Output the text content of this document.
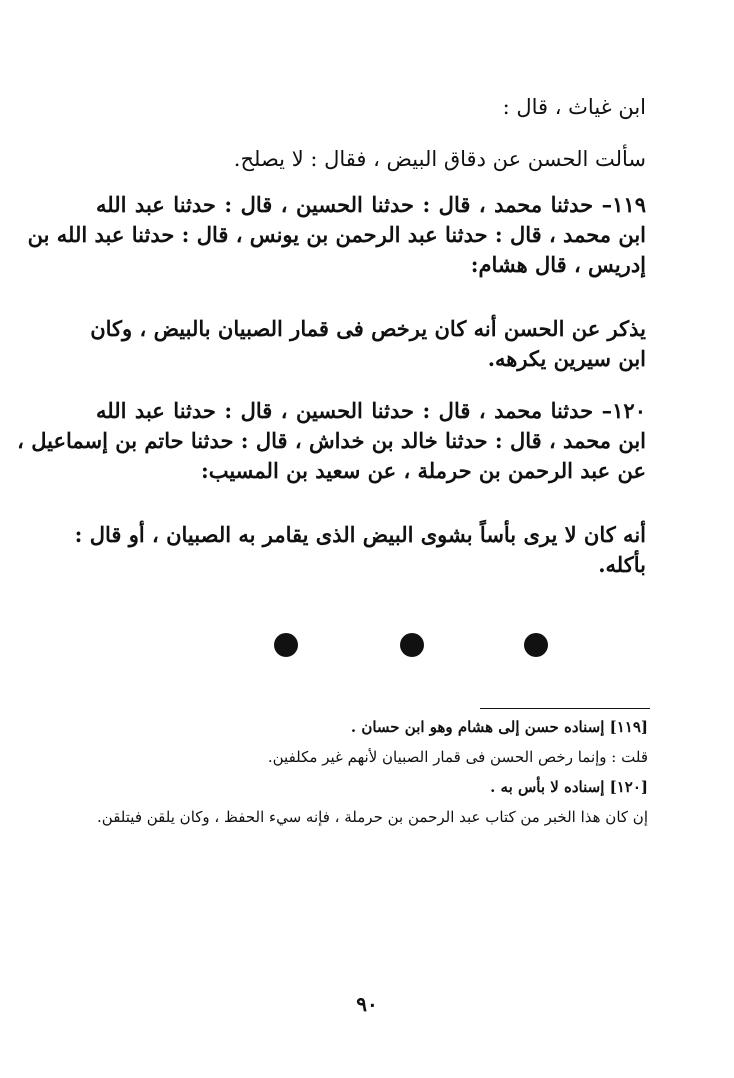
ابن غياث ، قال :
سألت الحسن عن دقاق البيض ، فقال : لا يصلح.
١١٩– حدثنا محمد ، قال : حدثنا الحسين ، قال : حدثنا عبد الله
ابن محمد ، قال : حدثنا عبد الرحمن بن يونس ، قال : حدثنا عبد الله بن
إدريس ، قال هشام:
يذكر عن الحسن أنه كان يرخص فى قمار الصبيان بالبيض ، وكان
ابن سيرين يكرهه.
١٢٠– حدثنا محمد ، قال : حدثنا الحسين ، قال : حدثنا عبد الله
ابن محمد ، قال : حدثنا خالد بن خداش ، قال : حدثنا حاتم بن إسماعيل ،
عن عبد الرحمن بن حرملة ، عن سعيد بن المسيب:
أنه كان لا يرى بأساً بشوى البيض الذى يقامر به الصبيان ، أو قال :
بأكله.
[١١٩] إسناده حسن إلى هشام وهو ابن حسان .
قلت : وإنما رخص الحسن فى قمار الصبيان لأنهم غير مكلفين.
[١٢٠] إسناده لا بأس به .
إن كان هذا الخبر من كتاب عبد الرحمن بن حرملة ، فإنه سيء الحفظ ، وكان يلقن فيتلقن.
٩٠
